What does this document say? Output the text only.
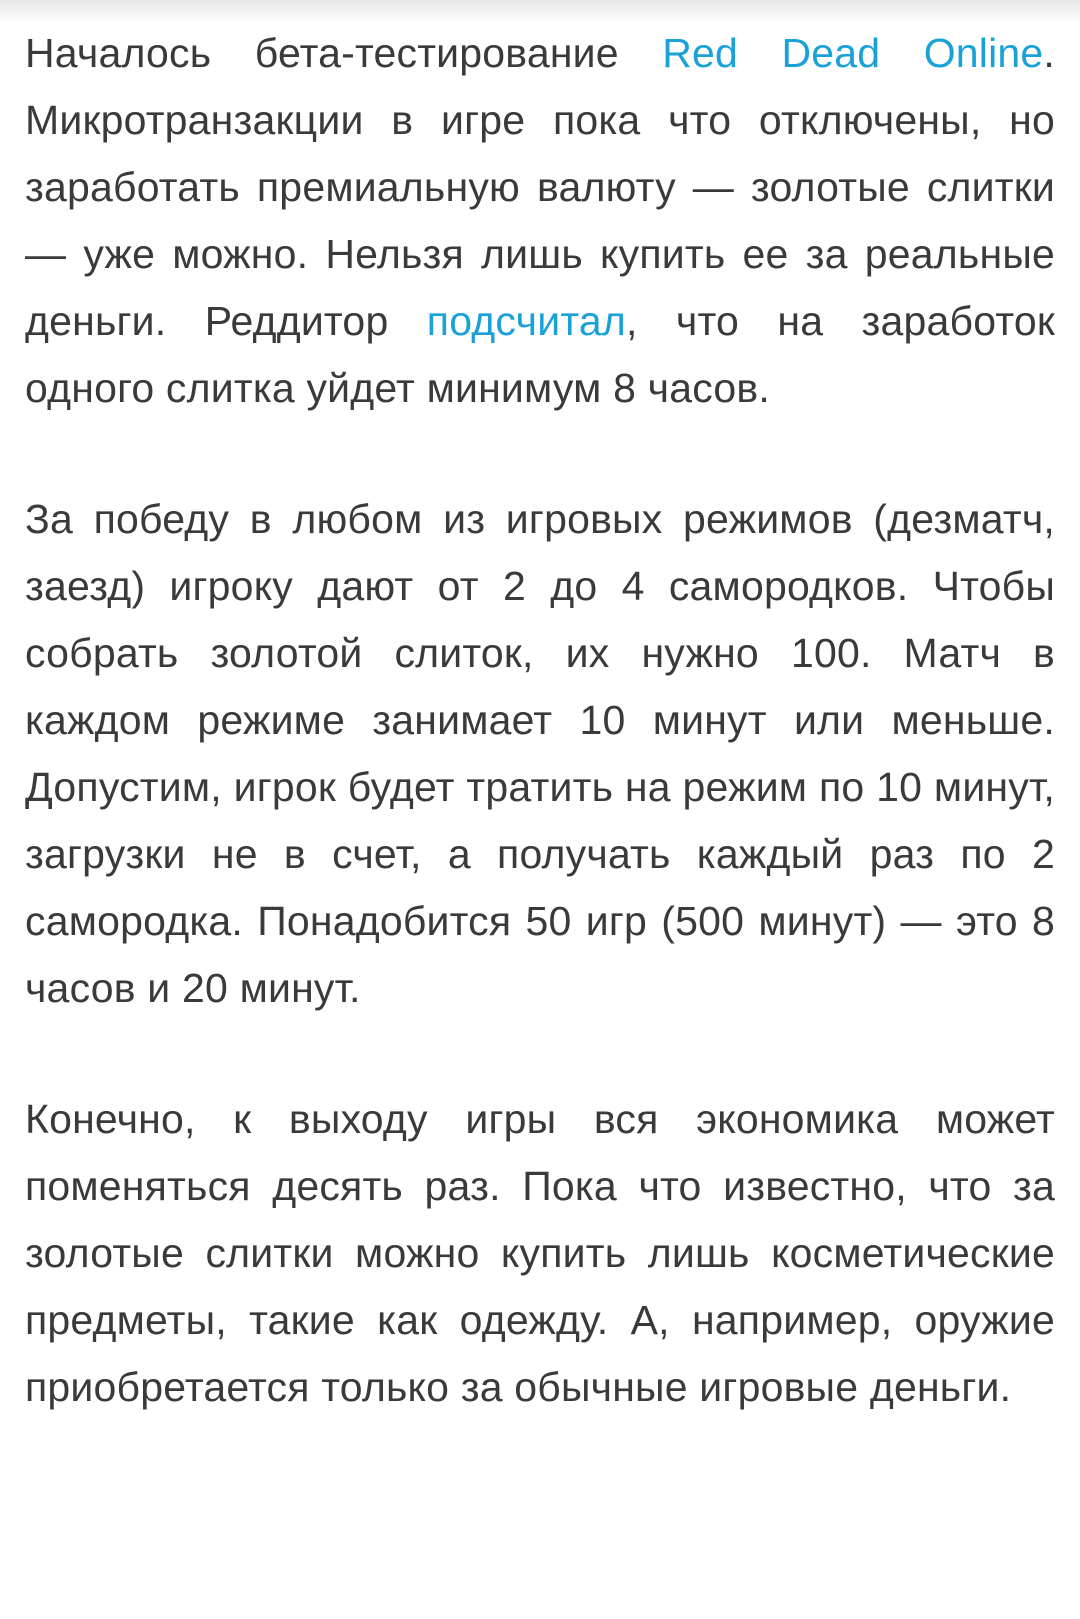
Началось бета-тестирование Red Dead Online. Микротранзакции в игре пока что отключены, но заработать премиальную валюту — золотые слитки — уже можно. Нельзя лишь купить ее за реальные деньги. Реддитор подсчитал, что на заработок одного слитка уйдет минимум 8 часов.

За победу в любом из игровых режимов (дезматч, заезд) игроку дают от 2 до 4 самородков. Чтобы собрать золотой слиток, их нужно 100. Матч в каждом режиме занимает 10 минут или меньше. Допустим, игрок будет тратить на режим по 10 минут, загрузки не в счет, а получать каждый раз по 2 самородка. Понадобится 50 игр (500 минут) — это 8 часов и 20 минут.

Конечно, к выходу игры вся экономика может поменяться десять раз. Пока что известно, что за золотые слитки можно купить лишь косметические предметы, такие как одежду. А, например, оружие приобретается только за обычные игровые деньги.
